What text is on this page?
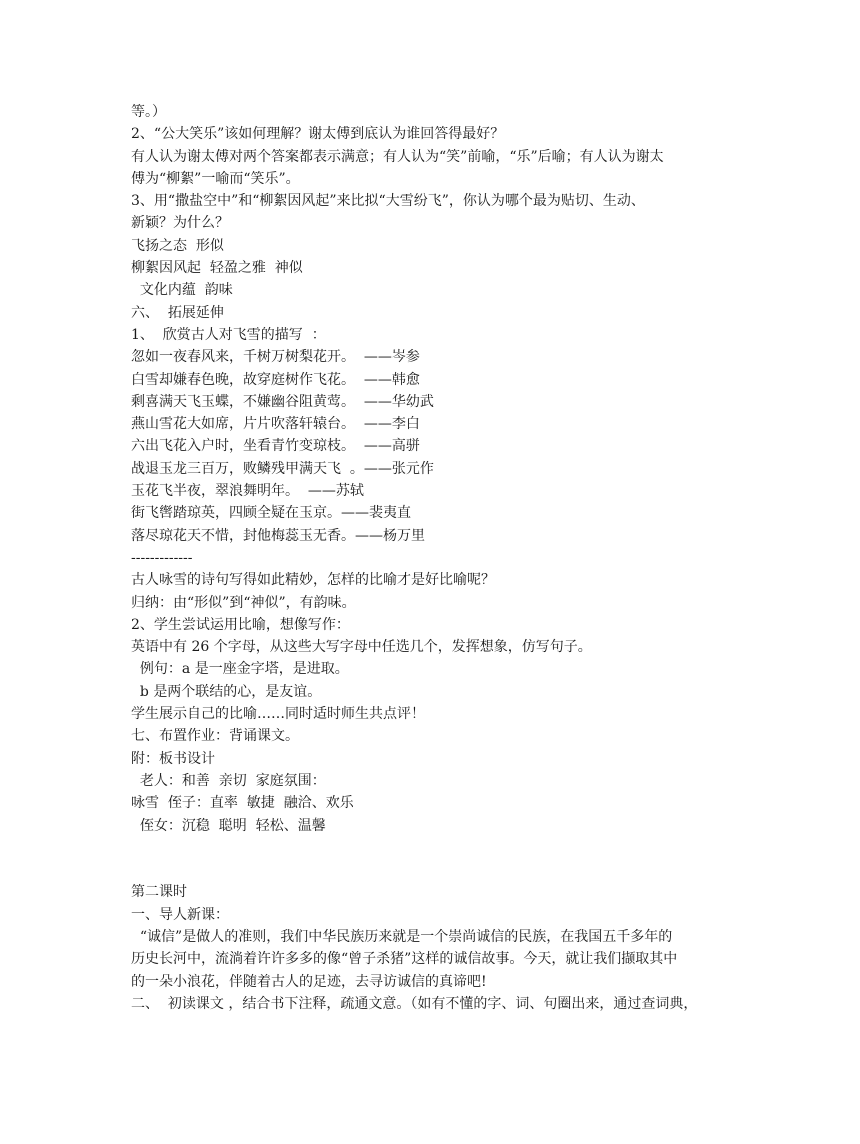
等。）
2、“公大笑乐”该如何理解？谢太傅到底认为谁回答得最好？
有人认为谢太傅对两个答案都表示满意；有人认为“笑”前喻，“乐”后喻；有人认为谢太
傅为“柳絮”一喻而“笑乐”。
3、用“撒盐空中”和“柳絮因风起”来比拟“大雪纷飞”，你认为哪个最为贴切、生动、
新颖？为什么？
飞扬之态  形似
柳絮因风起  轻盈之雅  神似
文化内蕴  韵味
六、  拓展延伸
1、  欣赏古人对飞雪的描写  ：
忽如一夜春风来，千树万树梨花开。  ——岑参
白雪却嫌春色晚，故穿庭树作飞花。  ——韩愈
剩喜满天飞玉蝶，不嫌幽谷阻黄莺。  ——华幼武
燕山雪花大如席，片片吹落轩辕台。  ——李白
六出飞花入户时，坐看青竹变琼枝。  ——高骈
战退玉龙三百万，败鳞残甲满天飞  。——张元作
玉花飞半夜，翠浪舞明年。  ——苏轼
街飞辔踏琼英，四顾全疑在玉京。——裴夷直
落尽琼花天不惜，封他梅蕊玉无香。——杨万里
-------------
古人咏雪的诗句写得如此精妙，怎样的比喻才是好比喻呢？
归纳：由“形似”到“神似”，有韵味。
2、学生尝试运用比喻，想像写作：
英语中有 26 个字母，从这些大写字母中任选几个，发挥想象，仿写句子。
例句：a 是一座金字塔，是进取。
b 是两个联结的心，是友谊。
学生展示自己的比喻……同时适时师生共点评！
七、布置作业：背诵课文。
附：板书设计
老人：和善  亲切  家庭氛围：
咏雪  侄子：直率  敏捷  融洽、欢乐
侄女：沉稳  聪明  轻松、温馨
第二课时
一、导人新课：
“诚信”是做人的准则，我们中华民族历来就是一个崇尚诚信的民族，在我国五千多年的
历史长河中，流淌着许许多多的像“曾子杀猪”这样的诚信故事。今天，就让我们撷取其中
的一朵小浪花，伴随着古人的足迹，去寻访诚信的真谛吧!
二、  初读课文 ，结合书下注释，疏通文意。（如有不懂的字、词、句圈出来，通过查词典，
